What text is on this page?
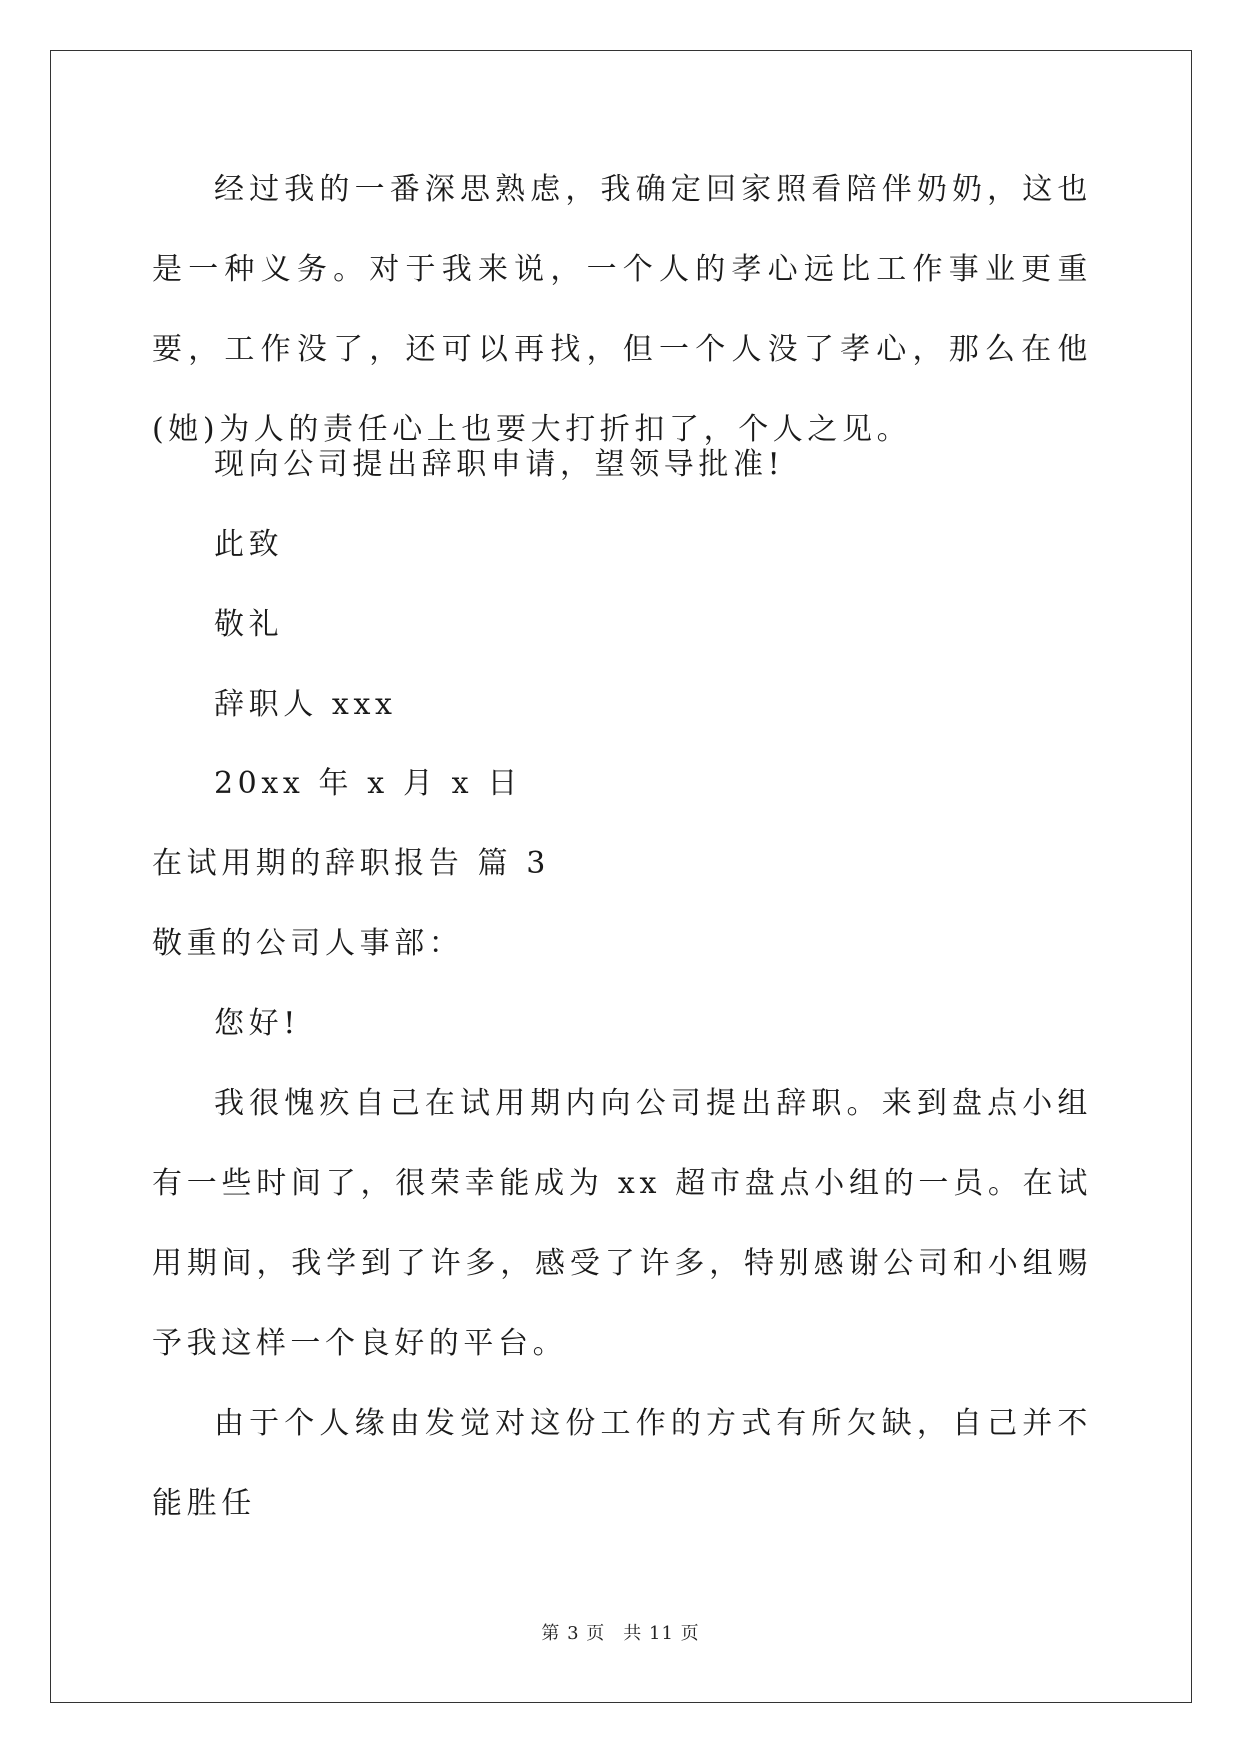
经过我的一番深思熟虑，我确定回家照看陪伴奶奶，这也是一种义务。对于我来说，一个人的孝心远比工作事业更重要，工作没了，还可以再找，但一个人没了孝心，那么在他(她)为人的责任心上也要大打折扣了，个人之见。

现向公司提出辞职申请，望领导批准!

此致

敬礼

辞职人 xxx

20xx 年 x 月 x 日

在试用期的辞职报告 篇 3

敬重的公司人事部：

您好!

我很愧疚自己在试用期内向公司提出辞职。来到盘点小组有一些时间了，很荣幸能成为 xx 超市盘点小组的一员。在试用期间，我学到了许多，感受了许多，特别感谢公司和小组赐予我这样一个良好的平台。

由于个人缘由发觉对这份工作的方式有所欠缺，自己并不能胜任

第 3 页 共 11 页
